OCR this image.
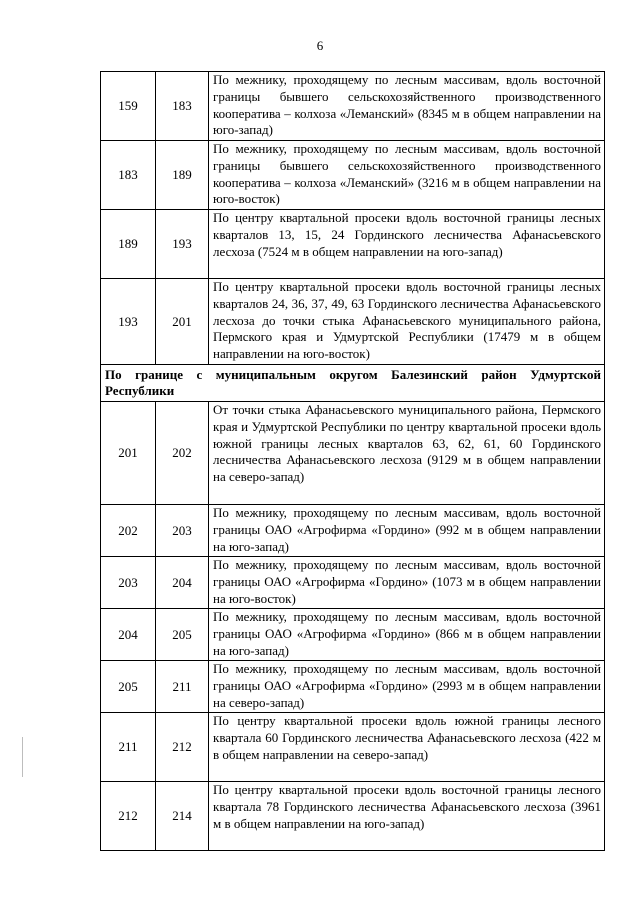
6
159	183	По межнику, проходящему по лесным массивам, вдоль восточной границы бывшего сельскохозяйственного производственного кооператива – колхоза «Леманский» (8345 м в общем направлении на юго-запад)
183	189	По межнику, проходящему по лесным массивам, вдоль восточной границы бывшего сельскохозяйственного производственного кооператива – колхоза «Леманский» (3216 м в общем направлении на юго-восток)
189	193	По центру квартальной просеки вдоль восточной границы лесных кварталов 13, 15, 24 Гординского лесничества Афанасьевского лесхоза (7524 м в общем направлении на юго-запад)
193	201	По центру квартальной просеки вдоль восточной границы лесных кварталов 24, 36, 37, 49, 63 Гординского лесничества Афанасьевского лесхоза до точки стыка Афанасьевского муниципального района, Пермского края и Удмуртской Республики (17479 м в общем направлении на юго-восток)
По границе с муниципальным округом Балезинский район Удмуртской Республики		
201	202	От точки стыка Афанасьевского муниципального района, Пермского края и Удмуртской Республики по центру квартальной просеки вдоль южной границы лесных кварталов 63, 62, 61, 60 Гординского лесничества Афанасьевского лесхоза (9129 м в общем направлении на северо-запад)
202	203	По межнику, проходящему по лесным массивам, вдоль восточной границы ОАО «Агрофирма «Гордино» (992 м в общем направлении на юго-запад)
203	204	По межнику, проходящему по лесным массивам, вдоль восточной границы ОАО «Агрофирма «Гордино» (1073 м в общем направлении на юго-восток)
204	205	По межнику, проходящему по лесным массивам, вдоль восточной границы ОАО «Агрофирма «Гордино» (866 м в общем направлении на юго-запад)
205	211	По межнику, проходящему по лесным массивам, вдоль восточной границы ОАО «Агрофирма «Гордино» (2993 м в общем направлении на северо-запад)
211	212	По центру квартальной просеки вдоль южной границы лесного квартала 60 Гординского лесничества Афанасьевского лесхоза (422 м в общем направлении на северо-запад)
212	214	По центру квартальной просеки вдоль восточной границы лесного квартала 78 Гординского лесничества Афанасьевского лесхоза (3961 м в общем направлении на юго-запад)
